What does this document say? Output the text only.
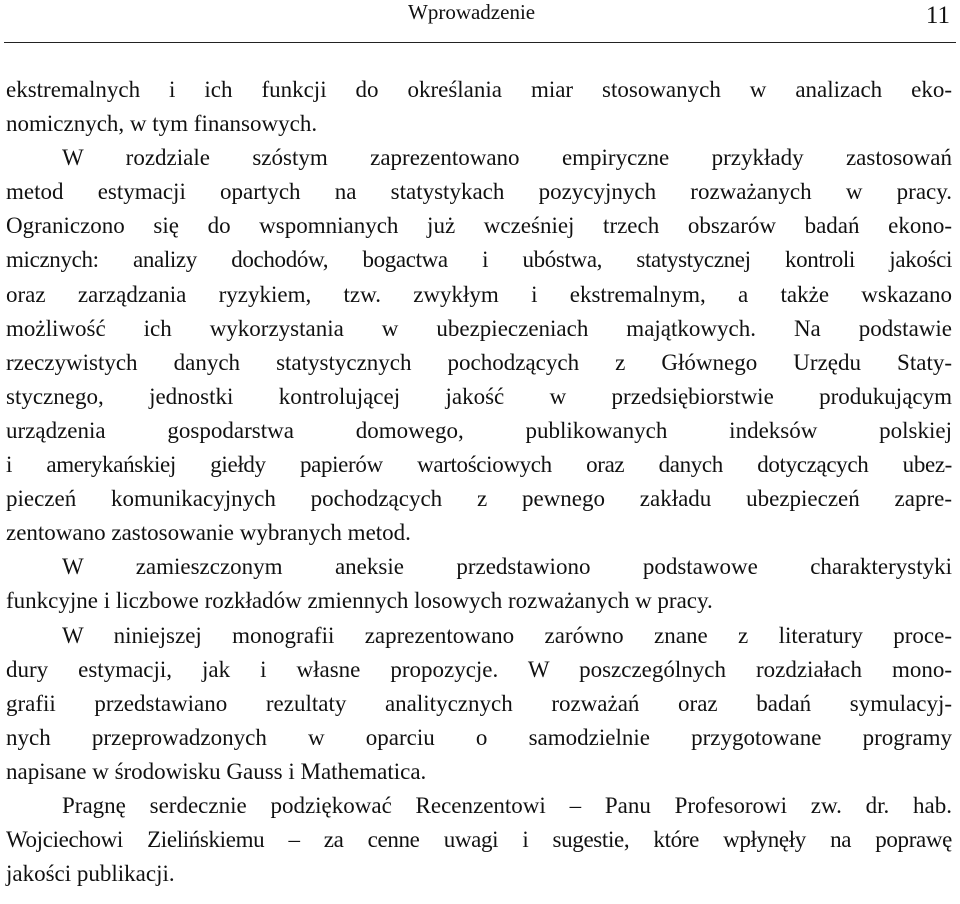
Wprowadzenie	11
ekstremalnych i ich funkcji do określania miar stosowanych w analizach eko-
nomicznych, w tym finansowych.
W rozdziale szóstym zaprezentowano empiryczne przykłady zastosowań
metod estymacji opartych na statystykach pozycyjnych rozważanych w pracy.
Ograniczono się do wspomnianych już wcześniej trzech obszarów badań ekono-
micznych: analizy dochodów, bogactwa i ubóstwa, statystycznej kontroli jakości
oraz zarządzania ryzykiem, tzw. zwykłym i ekstremalnym, a także wskazano
możliwość ich wykorzystania w ubezpieczeniach majątkowych. Na podstawie
rzeczywistych danych statystycznych pochodzących z Głównego Urzędu Staty-
stycznego, jednostki kontrolującej jakość w przedsiębiorstwie produkującym
urządzenia gospodarstwa domowego, publikowanych indeksów polskiej
i amerykańskiej giełdy papierów wartościowych oraz danych dotyczących ubez-
pieczeń komunikacyjnych pochodzących z pewnego zakładu ubezpieczeń zapre-
zentowano zastosowanie wybranych metod.
W zamieszczonym aneksie przedstawiono podstawowe charakterystyki
funkcyjne i liczbowe rozkładów zmiennych losowych rozważanych w pracy.
W niniejszej monografii zaprezentowano zarówno znane z literatury proce-
dury estymacji, jak i własne propozycje. W poszczególnych rozdziałach mono-
grafii przedstawiano rezultaty analitycznych rozważań oraz badań symulacyj-
nych przeprowadzonych w oparciu o samodzielnie przygotowane programy
napisane w środowisku Gauss i Mathematica.
Pragnę serdecznie podziękować Recenzentowi – Panu Profesorowi zw. dr. hab.
Wojciechowi Zielińskiemu – za cenne uwagi i sugestie, które wpłynęły na poprawę
jakości publikacji.
